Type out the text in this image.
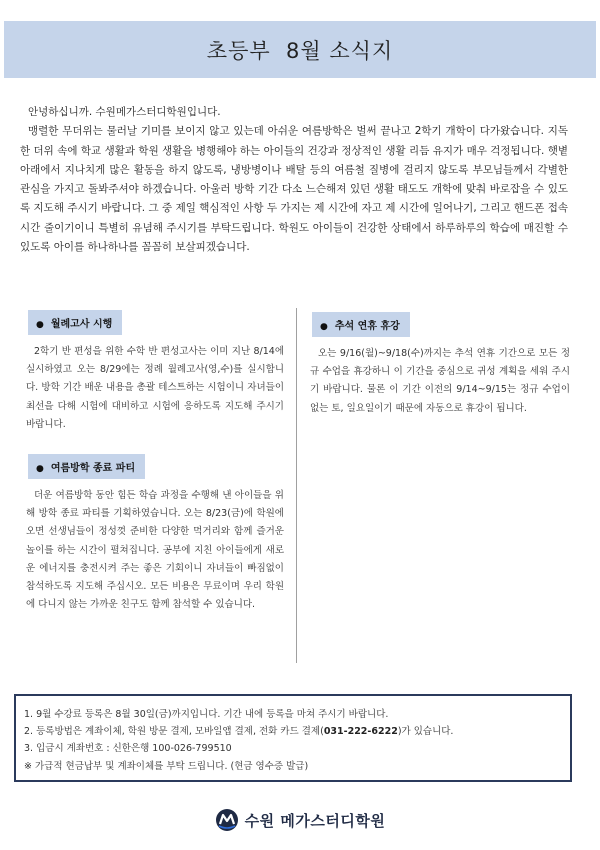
초등부  8월 소식지

안녕하십니까. 수원메가스터디학원입니다.

맹렬한 무더위는 물러날 기미를 보이지 않고 있는데 아쉬운 여름방학은 벌써 끝나고 2학기 개학이 다가왔습니다. 지독한 더위 속에 학교 생활과 학원 생활을 병행해야 하는 아이들의 건강과 정상적인 생활 리듬 유지가 매우 걱정됩니다. 햇볕 아래에서 지나치게 많은 활동을 하지 않도록, 냉방병이나 배탈 등의 여름철 질병에 걸리지 않도록 부모님들께서 각별한 관심을 가지고 돌봐주셔야 하겠습니다. 아울러 방학 기간 다소 느슨해져 있던 생활 태도도 개학에 맞춰 바로잡을 수 있도록 지도해 주시기 바랍니다. 그 중 제일 핵심적인 사항 두 가지는 제 시간에 자고 제 시간에 일어나기, 그리고 핸드폰 접속 시간 줄이기이니 특별히 유념해 주시기를 부탁드립니다. 학원도 아이들이 건강한 상태에서 하루하루의 학습에 매진할 수 있도록 아이를 하나하나를 꼼꼼히 보살피겠습니다.

● 월례고사 시행
2학기 반 편성을 위한 수학 반 편성고사는 이미 지난 8/14에 실시하였고 오는 8/29에는 정례 월례고사(영,수)를 실시합니다. 방학 기간 배운 내용을 총괄 테스트하는 시험이니 자녀들이 최선을 다해 시험에 대비하고 시험에 응하도록 지도해 주시기 바랍니다.
● 여름방학 종료 파티
더운 여름방학 동안 힘든 학습 과정을 수행해 낸 아이들을 위해 방학 종료 파티를 기획하였습니다. 오는 8/23(금)에 학원에 오면 선생님들이 정성껏 준비한 다양한 먹거리와 함께 즐거운 놀이를 하는 시간이 펼쳐집니다. 공부에 지친 아이들에게 새로운 에너지를 충전시켜 주는 좋은 기회이니 자녀들이 빠짐없이 참석하도록 지도해 주십시오. 모든 비용은 무료이며 우리 학원에 다니지 않는 가까운 친구도 함께 참석할 수 있습니다.
● 추석 연휴 휴강
오는 9/16(월)~9/18(수)까지는 추석 연휴 기간으로 모든 정규 수업을 휴강하니 이 기간을 중심으로 귀성 계획을 세워 주시기 바랍니다. 물론 이 기간 이전의 9/14~9/15는 정규 수업이 없는 토, 일요일이기 때문에 자동으로 휴강이 됩니다.
1. 9월 수강료 등록은 8월 30일(금)까지입니다. 기간 내에 등록을 마쳐 주시기 바랍니다.
2. 등록방법은 계좌이체, 학원 방문 결제, 모바일앱 결제, 전화 카드 결제(031-222-6222)가 있습니다.
3. 입금시 계좌번호 : 신한은행 100-026-799510
※ 가급적 현금납부 및 계좌이체를 부탁 드립니다. (현금 영수증 발급)
수원 메가스터디학원
